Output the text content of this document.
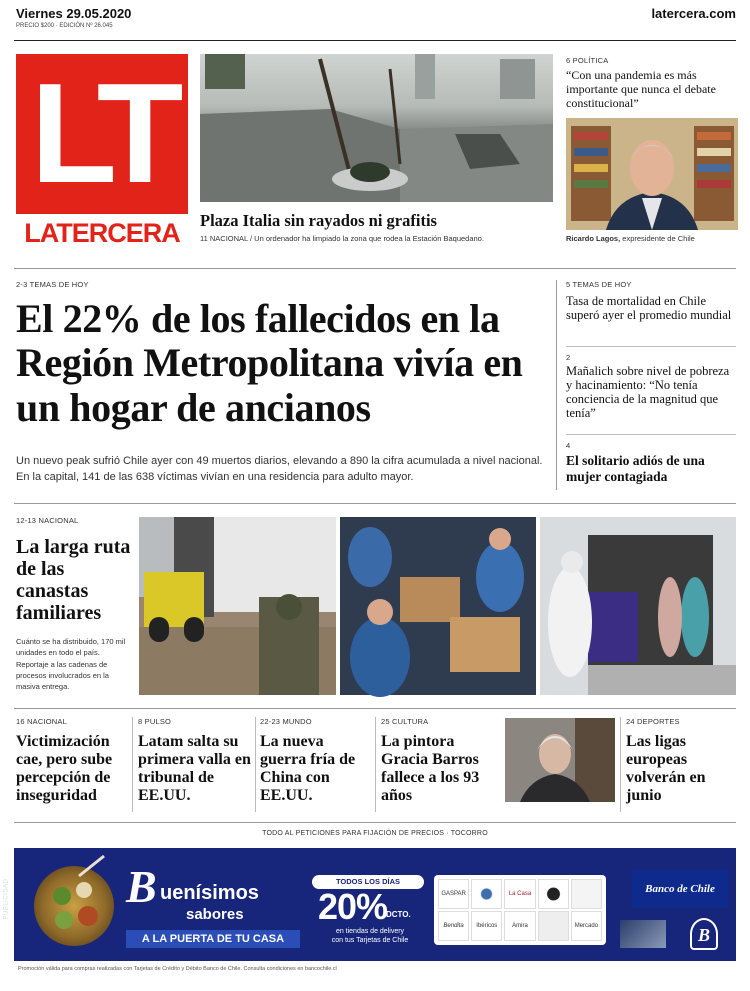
Viernes 29.05.2020
PRECIO $200 · EDICIÓN Nº 26.045
latercera.com
LT
LATERCERA	Plaza Italia sin rayados ni grafitis
11 NACIONAL / Un ordenador ha limpiado la zona que rodea la Estación Baquedano.
6 POLÍTICA
“Con una pandemia es más importante que nunca el debate constitucional”
Ricardo Lagos, expresidente de Chile
2-3 TEMAS DE HOY
El 22% de los fallecidos en la Región Metropolitana vivía en un hogar de ancianos
Un nuevo peak sufrió Chile ayer con 49 muertos diarios, elevando a 890 la cifra acumulada a nivel nacional. En la capital, 141 de las 638 víctimas vivían en una residencia para adulto mayor.
5 TEMAS DE HOY
Tasa de mortalidad en Chile superó ayer el promedio mundial
2
Mañalich sobre nivel de pobreza y hacinamiento: “No tenía conciencia de la magnitud que tenía”
4
El solitario adiós de una mujer contagiada
12-13 NACIONAL
La larga ruta de las canastas familiares
Cuánto se ha distribuido, 170 mil unidades en todo el país. Reportaje a las cadenas de procesos involucrados en la masiva entrega.
16 NACIONAL
Victimización cae, pero sube percepción de inseguridad
8 PULSO
Latam salta su primera valla en tribunal de EE.UU.
22-23 MUNDO
La nueva guerra fría de China con EE.UU.
25 CULTURA
La pintora Gracia Barros fallece a los 93 años
24 DEPORTES
Las ligas europeas volverán en junio
TODO AL PETICIONES PARA FIJACIÓN DE PRECIOS · TOCORRO
PUBLICIDAD	B uenísimos
sabores
A LA PUERTA DE TU CASA
TODOS LOS DÍAS
20%
DCTO.
en tiendas de delivery
con tus Tarjetas de Chile
GASPAR	La Casa
Bendita	Ibéricos	Amira	Mercado
Banco de Chile
B
Promoción válida para compras realizadas con Tarjetas de Crédito y Débito Banco de Chile. Consulta condiciones en bancochile.cl
